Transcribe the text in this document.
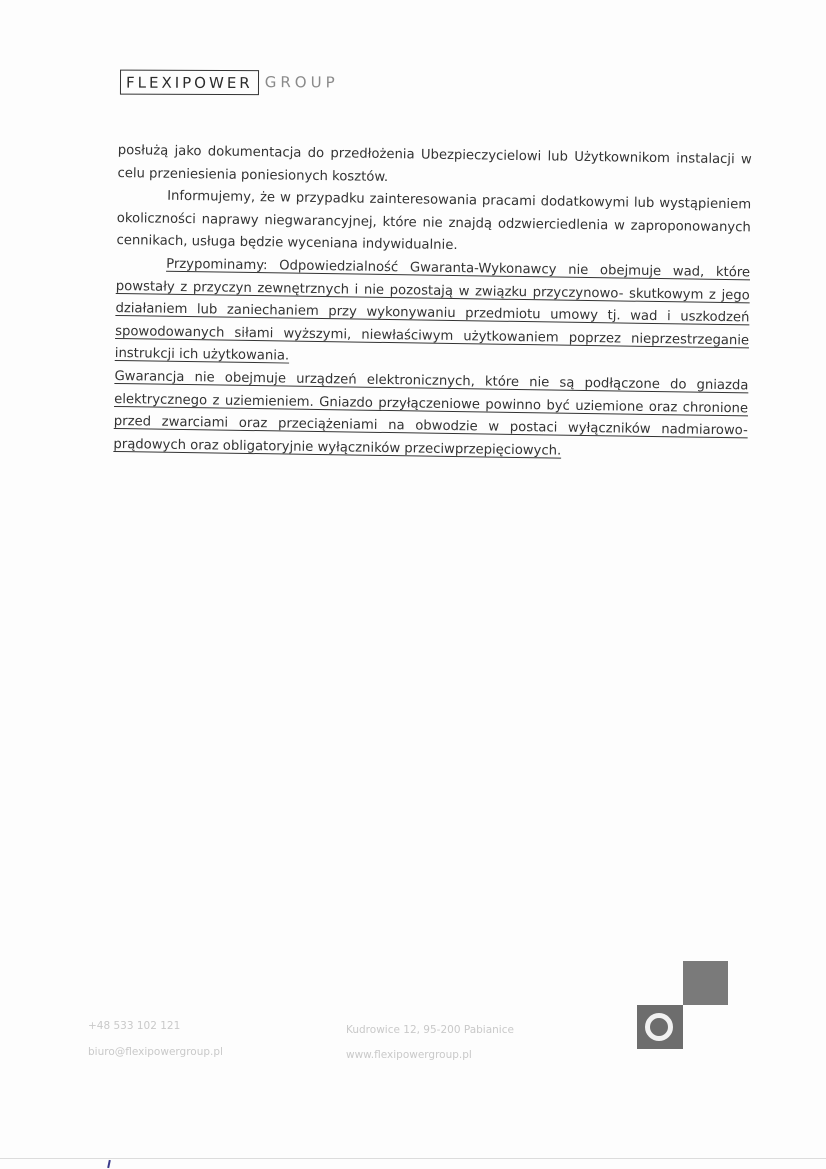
FLEXIPOWER GROUP

posłużą jako dokumentacja do przedłożenia Ubezpieczycielowi lub Użytkownikom instalacji w celu przeniesienia poniesionych kosztów.

Informujemy, że w przypadku zainteresowania pracami dodatkowymi lub wystąpieniem okoliczności naprawy niegwarancyjnej, które nie znajdą odzwierciedlenia w zaproponowanych cennikach, usługa będzie wyceniana indywidualnie.

Przypominamy: Odpowiedzialność Gwaranta-Wykonawcy nie obejmuje wad, które powstały z przyczyn zewnętrznych i nie pozostają w związku przyczynowo- skutkowym z jego działaniem lub zaniechaniem przy wykonywaniu przedmiotu umowy tj. wad i uszkodzeń spowodowanych siłami wyższymi, niewłaściwym użytkowaniem poprzez nieprzestrzeganie instrukcji ich użytkowania.

Gwarancja nie obejmuje urządzeń elektronicznych, które nie są podłączone do gniazda elektrycznego z uziemieniem. Gniazdo przyłączeniowe powinno być uziemione oraz chronione przed zwarciami oraz przeciążeniami na obwodzie w postaci wyłączników nadmiarowo-prądowych oraz obligatoryjnie wyłączników przeciwprzepięciowych.

+48 533 102 121
biuro@flexipowergroup.pl
Kudrowice 12, 95-200 Pabianice
www.flexipowergroup.pl
